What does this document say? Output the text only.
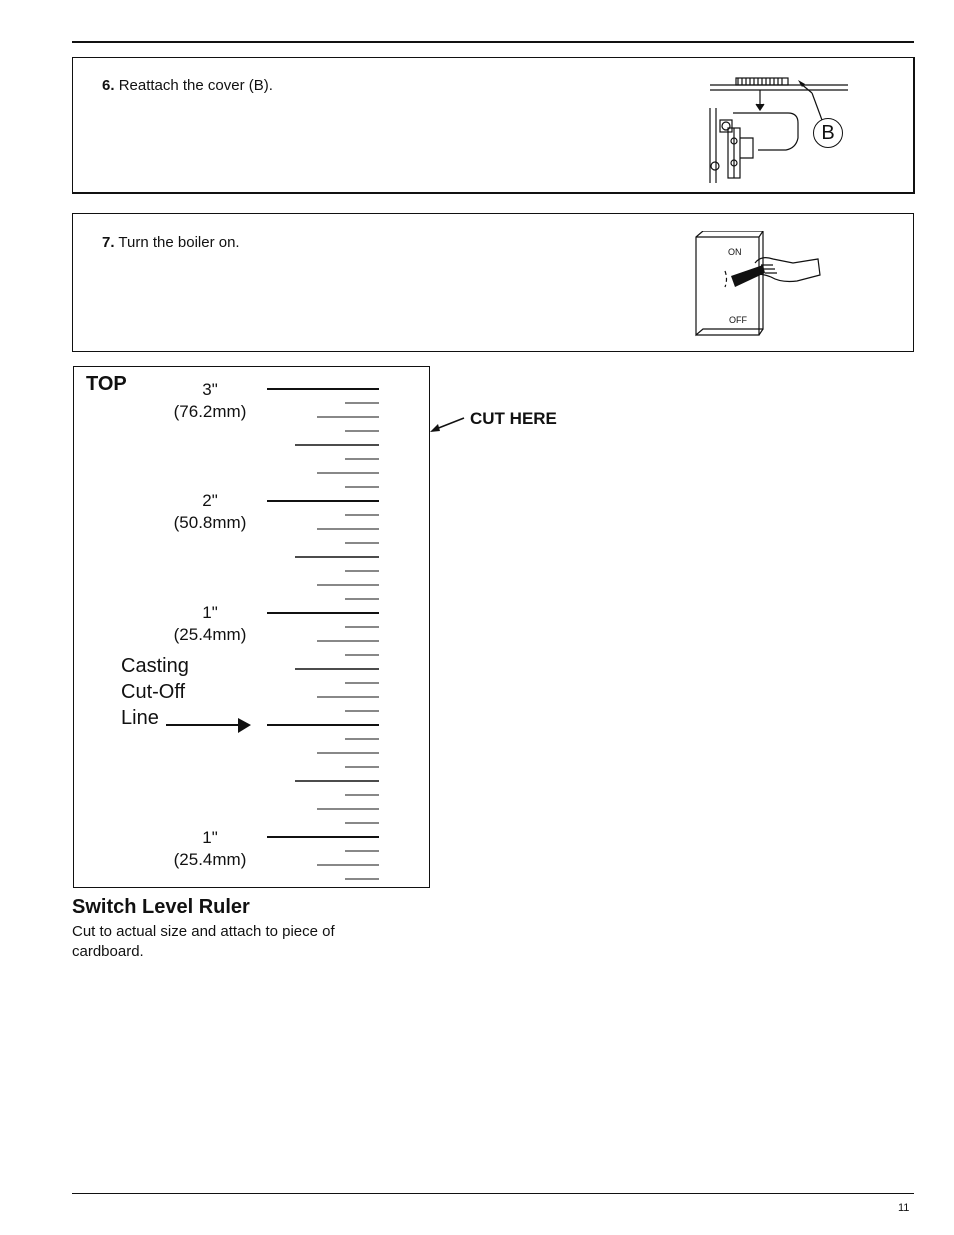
6. Reattach the cover (B).
B
7. Turn the boiler on.
ON
OFF
TOP	3"
(76.2mm)
2"
(50.8mm)
1"
(25.4mm)
1"
(25.4mm)
Casting
Cut-Off
Line
CUT HERE
Switch Level Ruler
Cut to actual size and attach to piece of cardboard.
11
